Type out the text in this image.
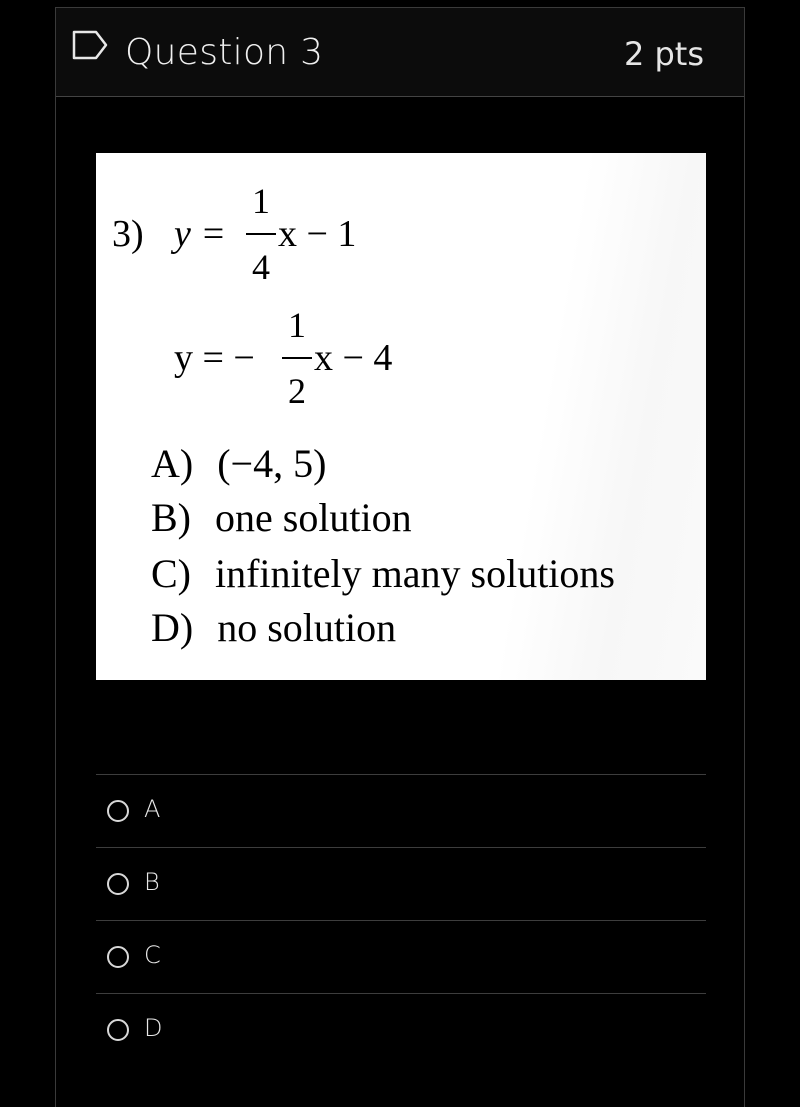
Question 3	2 pts
3) y =
1
4
x − 1
y = −
1
2
x − 4
A) (−4, 5)
B) one solution
C) infinitely many solutions
D) no solution
A
B
C
D
